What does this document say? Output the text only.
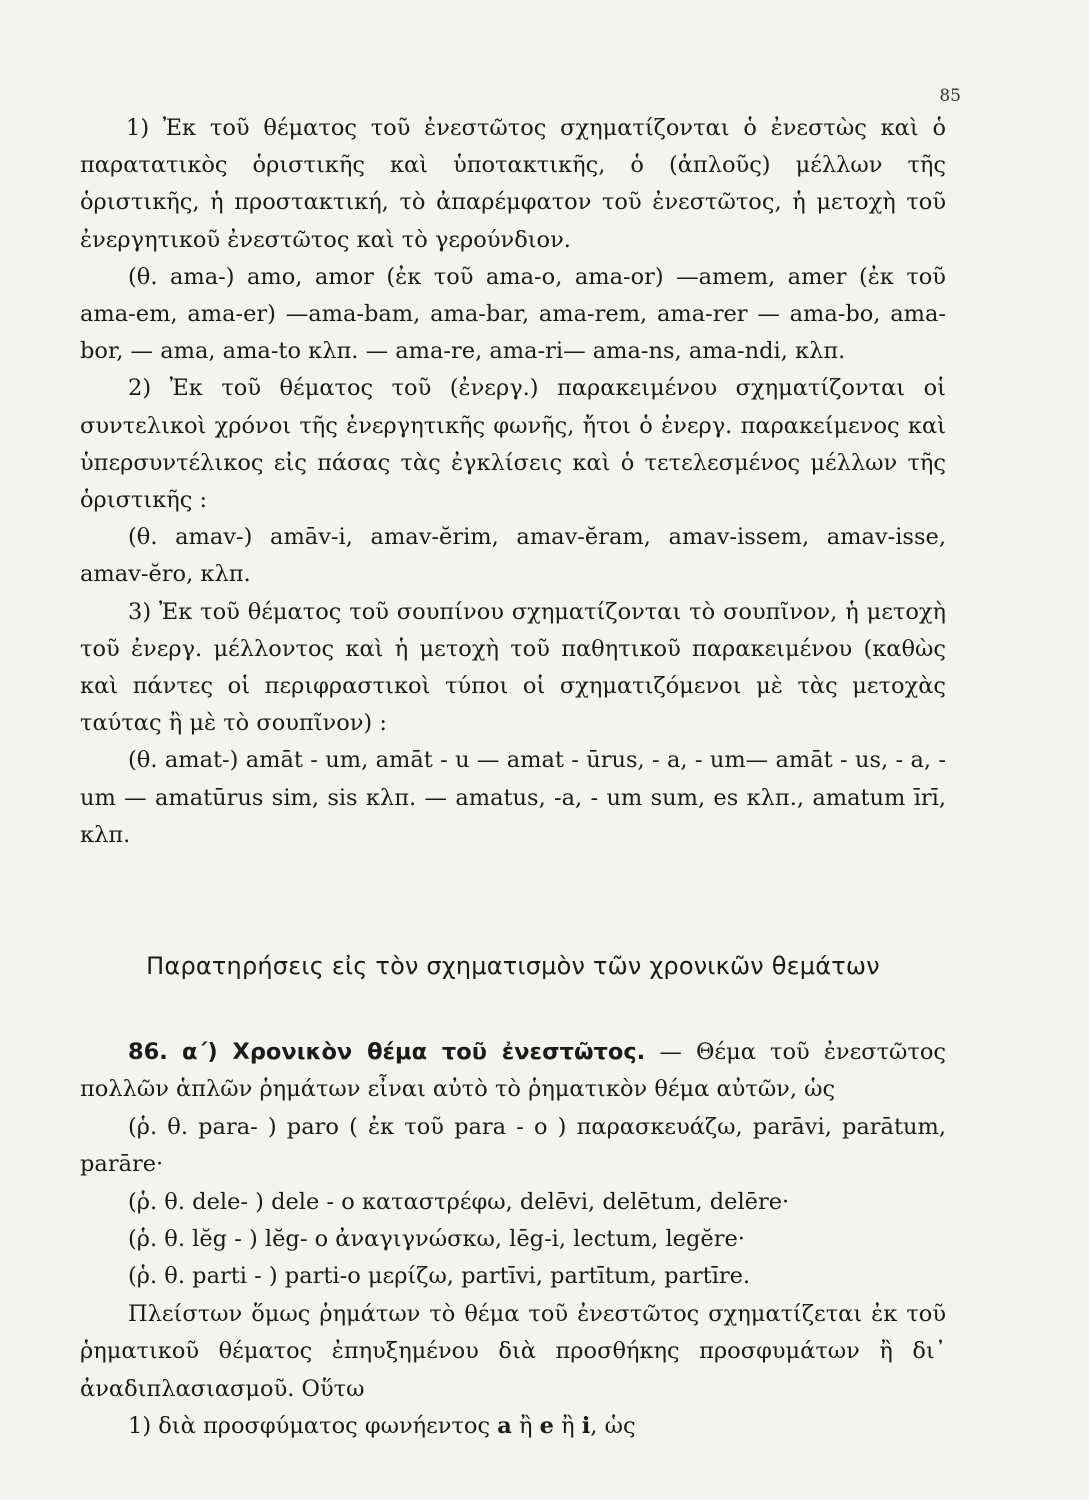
85

1) Ἐκ τοῦ θέματος τοῦ ἐνεστῶτος σχηματίζονται ὁ ἐνεστὼς καὶ ὁ παρατατικὸς ὁριστικῆς καὶ ὑποτακτικῆς, ὁ (ἁπλοῦς) μέλλων τῆς ὁριστικῆς, ἡ προστακτική, τὸ ἀπαρέμφατον τοῦ ἐνεστῶτος, ἡ μετοχὴ τοῦ ἐνεργητικοῦ ἐνεστῶτος καὶ τὸ γερούνδιον.

(θ. ama-) amo, amor (ἐκ τοῦ ama-o, ama-or) —amem, amer (ἐκ τοῦ ama-em, ama-er) —ama-bam, ama-bar, ama-rem, ama-rer — ama-bo, ama-bor, — ama, ama-to κλπ. — ama-re, ama-ri— ama-ns, ama-ndi, κλπ.

2) Ἐκ τοῦ θέματος τοῦ (ἐνεργ.) παρακειμένου σχηματίζονται οἱ συντελικοὶ χρόνοι τῆς ἐνεργητικῆς φωνῆς, ἤτοι ὁ ἐνεργ. παρακείμενος καὶ ὑπερσυντέλικος εἰς πάσας τὰς ἐγκλίσεις καὶ ὁ τετελεσμένος μέλλων τῆς ὁριστικῆς :

(θ. amav-) amāv-i, amav-ĕrim, amav-ĕram, amav-issem, amav-isse, amav-ĕro, κλπ.

3) Ἐκ τοῦ θέματος τοῦ σουπίνου σχηματίζονται τὸ σουπῖνον, ἡ μετοχὴ τοῦ ἐνεργ. μέλλοντος καὶ ἡ μετοχὴ τοῦ παθητικοῦ παρακειμένου (καθὼς καὶ πάντες οἱ περιφραστικοὶ τύποι οἱ σχηματιζόμενοι μὲ τὰς μετοχὰς ταύτας ἢ μὲ τὸ σουπῖνον) :

(θ. amat-) amāt - um, amāt - u — amat - ūrus, - a, - um— amāt - us, - a, - um — amatūrus sim, sis κλπ. — amatus, -a, - um sum, es κλπ., amatum īrī, κλπ.

Παρατηρήσεις εἰς τὸν σχηματισμὸν τῶν χρονικῶν θεμάτων

86. α΄) Χρονικὸν θέμα τοῦ ἐνεστῶτος. — Θέμα τοῦ ἐνεστῶτος πολλῶν ἁπλῶν ῥημάτων εἶναι αὐτὸ τὸ ῥηματικὸν θέμα αὐτῶν, ὡς

(ῥ. θ. para- ) paro ( ἐκ τοῦ para - o ) παρασκευάζω, parāvi, parātum, parāre·

(ῥ. θ. dele- ) dele - o καταστρέφω, delēvi, delētum, delēre·

(ῥ. θ. lĕg - ) lĕg- o ἀναγιγνώσκω, lēg-i, lectum, legĕre·

(ῥ. θ. parti - ) parti-o μερίζω, partīvi, partītum, partīre.

Πλείστων ὅμως ῥημάτων τὸ θέμα τοῦ ἐνεστῶτος σχηματίζεται ἐκ τοῦ ῥηματικοῦ θέματος ἐπηυξημένου διὰ προσθήκης προσφυμάτων ἢ δι᾽ ἀναδιπλασιασμοῦ. Οὕτω

1) διὰ προσφύματος φωνήεντος a ἢ e ἢ i, ὡς
